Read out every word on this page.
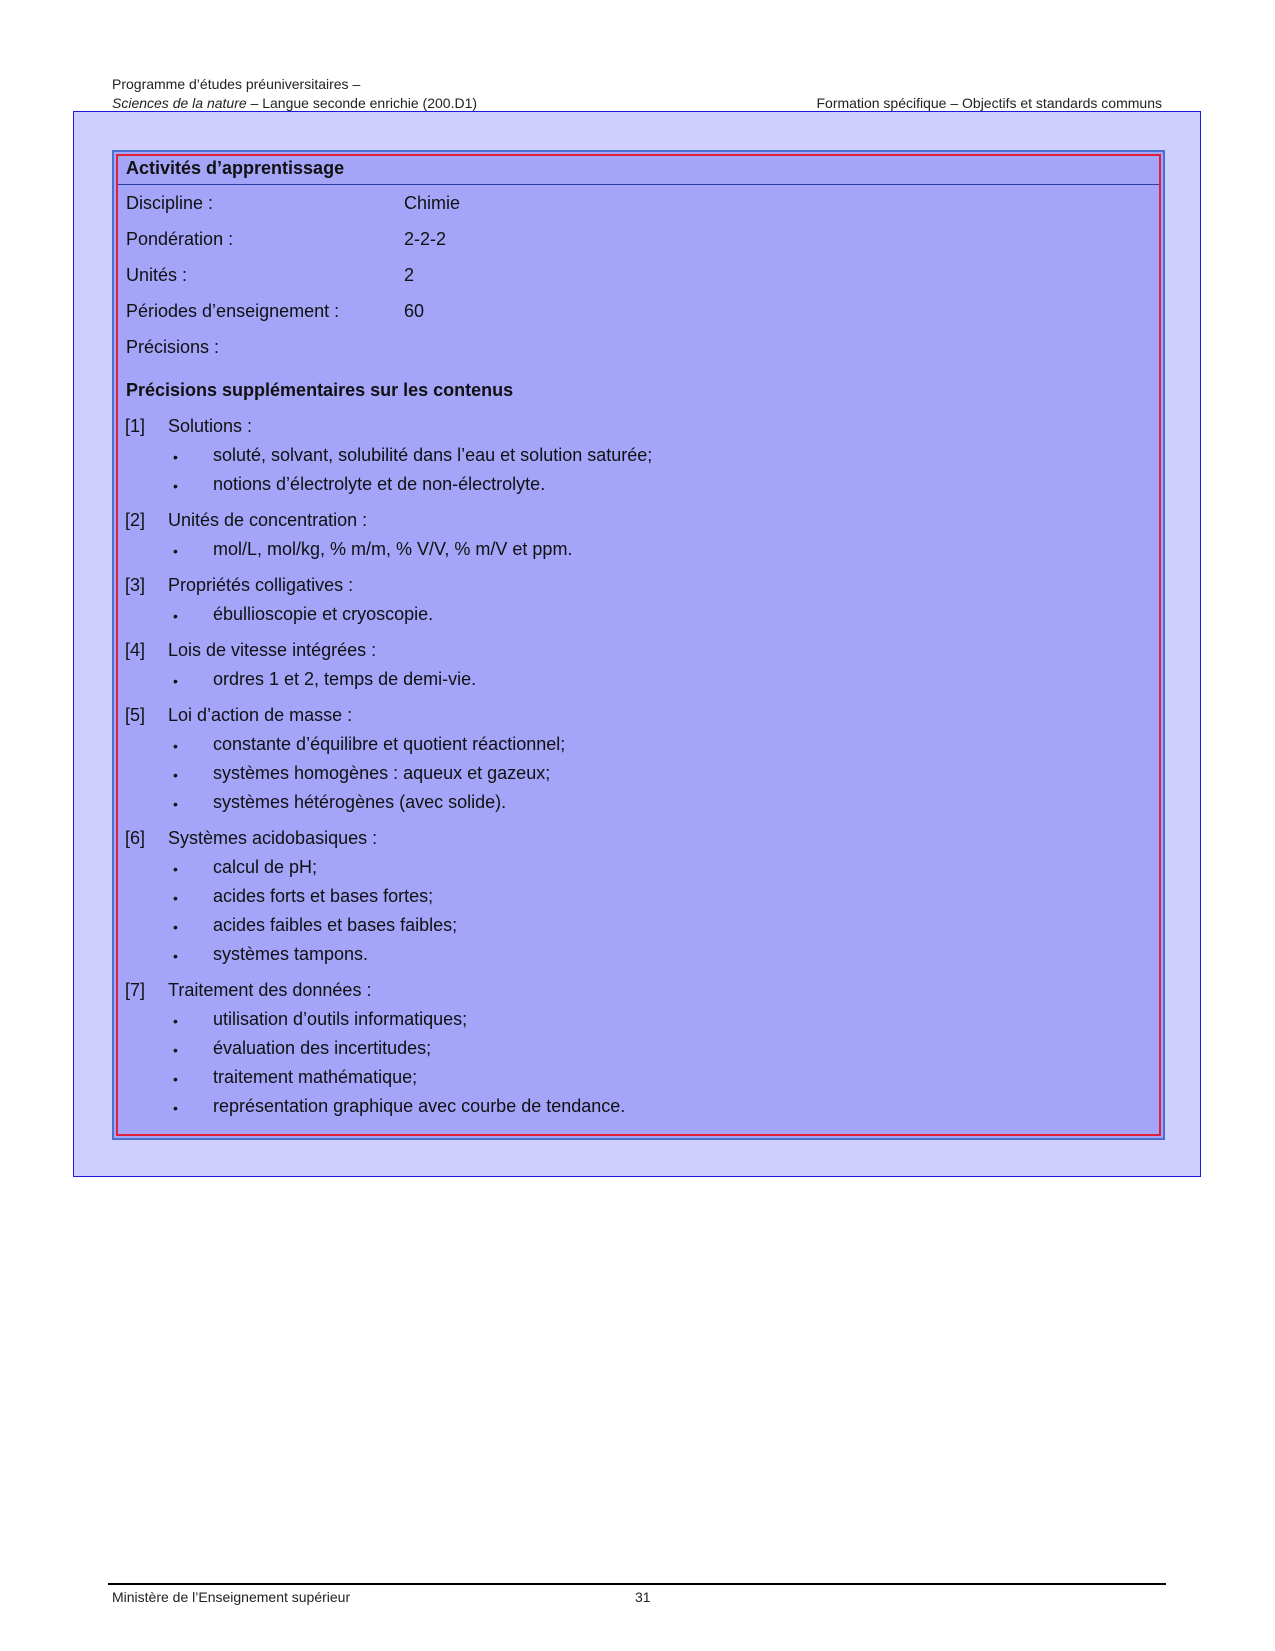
Programme d’études préuniversitaires –
Sciences de la nature – Langue seconde enrichie (200.D1)	Formation spécifique – Objectifs et standards communs
Activités d’apprentissage
Discipline :	Chimie
Pondération :	2-2-2
Unités :	2
Périodes d’enseignement :	60
Précisions :
Précisions supplémentaires sur les contenus
[1] Solutions :
• soluté, solvant, solubilité dans l’eau et solution saturée;
• notions d’électrolyte et de non-électrolyte.
[2] Unités de concentration :
• mol/L, mol/kg, % m/m, % V/V, % m/V et ppm.
[3] Propriétés colligatives :
• ébullioscopie et cryoscopie.
[4] Lois de vitesse intégrées :
• ordres 1 et 2, temps de demi-vie.
[5] Loi d’action de masse :
• constante d’équilibre et quotient réactionnel;
• systèmes homogènes : aqueux et gazeux;
• systèmes hétérogènes (avec solide).
[6] Systèmes acidobasiques :
• calcul de pH;
• acides forts et bases fortes;
• acides faibles et bases faibles;
• systèmes tampons.
[7] Traitement des données :
• utilisation d’outils informatiques;
• évaluation des incertitudes;
• traitement mathématique;
• représentation graphique avec courbe de tendance.
Ministère de l’Enseignement supérieur	31
